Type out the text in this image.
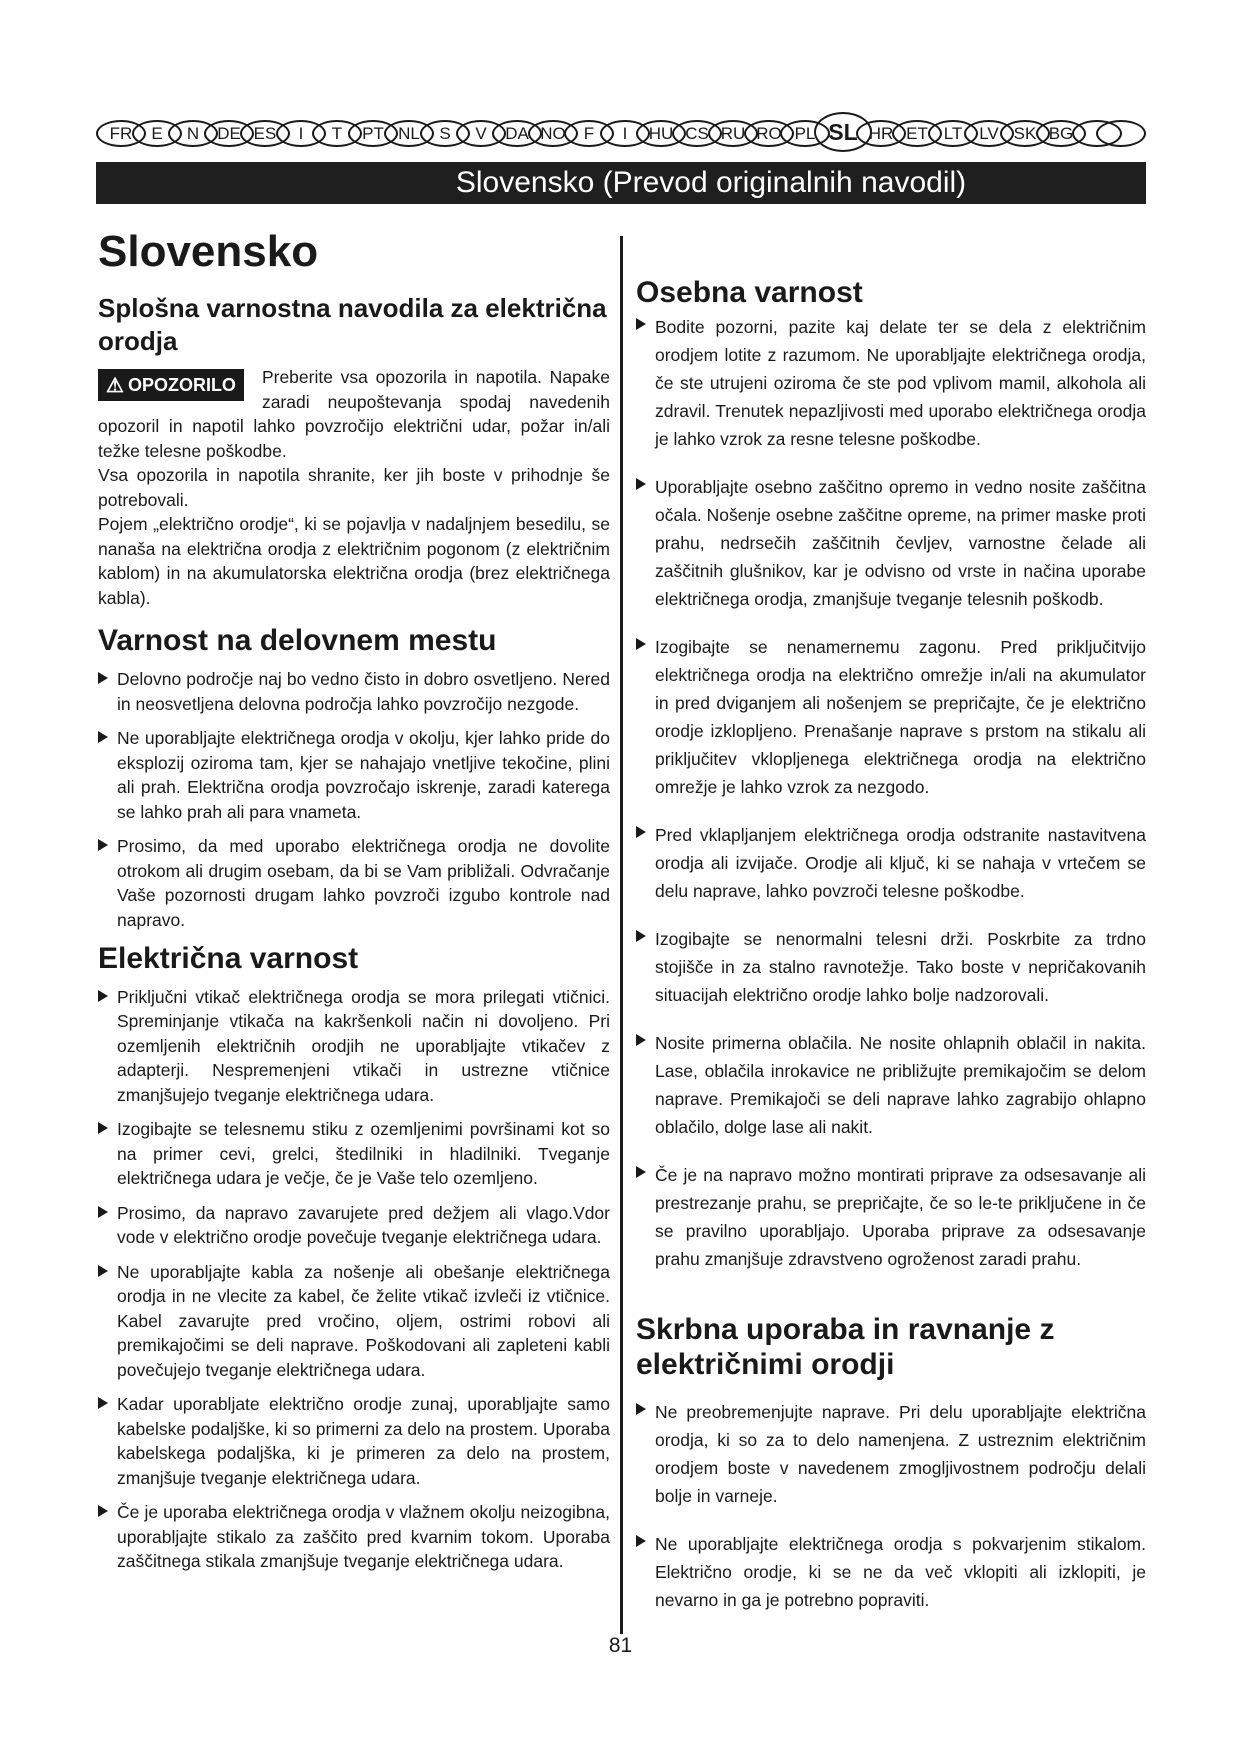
FR	E	N	DE ES	I	T	PT NL	S	V	DA NO	F	I	HU CS RU RO PL SL HR ET LT LV SK BG
Slovensko (Prevod originalnih navodil)
Slovensko
Splošna varnostna navodila za električna orodja
⚠ OPOZORILO	Preberite vsa opozorila in napotila. Napake zaradi neupoštevanja spodaj navedenih opozoril in napotil lahko povzročijo električni udar, požar in/ali težke telesne poškodbe.

Vsa opozorila in napotila shranite, ker jih boste v prihodnje še potrebovali.

Pojem „električno orodje“, ki se pojavlja v nadaljnjem besedilu, se nanaša na električna orodja z električnim pogonom (z električnim kablom) in na akumulatorska električna orodja (brez električnega kabla).

Varnost na delovnem mestu

Delovno področje naj bo vedno čisto in dobro osvetljeno. Nered in neosvetljena delovna področja lahko povzročijo nezgode.

Ne uporabljajte električnega orodja v okolju, kjer lahko pride do eksplozij oziroma tam, kjer se nahajajo vnetljive tekočine, plini ali prah. Električna orodja povzročajo iskrenje, zaradi katerega se lahko prah ali para vnameta.

Prosimo, da med uporabo električnega orodja ne dovolite otrokom ali drugim osebam, da bi se Vam približali. Odvračanje Vaše pozornosti drugam lahko povzroči izgubo kontrole nad napravo.

Električna varnost

Priključni vtikač električnega orodja se mora prilegati vtičnici. Spreminjanje vtikača na kakršenkoli način ni dovoljeno. Pri ozemljenih električnih orodjih ne uporabljajte vtikačev z adapterji. Nespremenjeni vtikači in ustrezne vtičnice zmanjšujejo tveganje električnega udara.

Izogibajte se telesnemu stiku z ozemljenimi površinami kot so na primer cevi, grelci, štedilniki in hladilniki. Tveganje električnega udara je večje, če je Vaše telo ozemljeno.

Prosimo, da napravo zavarujete pred dežjem ali vlago.Vdor vode v električno orodje povečuje tveganje električnega udara.

Ne uporabljajte kabla za nošenje ali obešanje električnega orodja in ne vlecite za kabel, če želite vtikač izvleči iz vtičnice. Kabel zavarujte pred vročino, oljem, ostrimi robovi ali premikajočimi se deli naprave. Poškodovani ali zapleteni kabli povečujejo tveganje električnega udara.

Kadar uporabljate električno orodje zunaj, uporabljajte samo kabelske podaljške, ki so primerni za delo na prostem. Uporaba kabelskega podaljška, ki je primeren za delo na prostem, zmanjšuje tveganje električnega udara.

Če je uporaba električnega orodja v vlažnem okolju neizogibna, uporabljajte stikalo za zaščito pred kvarnim tokom. Uporaba zaščitnega stikala zmanjšuje tveganje električnega udara.

Osebna varnost

Bodite pozorni, pazite kaj delate ter se dela z električnim orodjem lotite z razumom. Ne uporabljajte električnega orodja, če ste utrujeni oziroma če ste pod vplivom mamil, alkohola ali zdravil. Trenutek nepazljivosti med uporabo električnega orodja je lahko vzrok za resne telesne poškodbe.

Uporabljajte osebno zaščitno opremo in vedno nosite zaščitna očala. Nošenje osebne zaščitne opreme, na primer maske proti prahu, nedrsečih zaščitnih čevljev, varnostne čelade ali zaščitnih glušnikov, kar je odvisno od vrste in načina uporabe električnega orodja, zmanjšuje tveganje telesnih poškodb.

Izogibajte se nenamernemu zagonu. Pred priključitvijo električnega orodja na električno omrežje in/ali na akumulator in pred dviganjem ali nošenjem se prepričajte, če je električno orodje izklopljeno. Prenašanje naprave s prstom na stikalu ali priključitev vklopljenega električnega orodja na električno omrežje je lahko vzrok za nezgodo.

Pred vklapljanjem električnega orodja odstranite nastavitvena orodja ali izvijače. Orodje ali ključ, ki se nahaja v vrtečem se delu naprave, lahko povzroči telesne poškodbe.

Izogibajte se nenormalni telesni drži. Poskrbite za trdno stojišče in za stalno ravnotežje. Tako boste v nepričakovanih situacijah električno orodje lahko bolje nadzorovali.

Nosite primerna oblačila. Ne nosite ohlapnih oblačil in nakita. Lase, oblačila inrokavice ne približujte premikajočim se delom naprave. Premikajoči se deli naprave lahko zagrabijo ohlapno oblačilo, dolge lase ali nakit.

Če je na napravo možno montirati priprave za odsesavanje ali prestrezanje prahu, se prepričajte, če so le-te priključene in če se pravilno uporabljajo. Uporaba priprave za odsesavanje prahu zmanjšuje zdravstveno ogroženost zaradi prahu.

Skrbna uporaba in ravnanje z električnimi orodji

Ne preobremenjujte naprave. Pri delu uporabljajte električna orodja, ki so za to delo namenjena. Z ustreznim električnim orodjem boste v navedenem zmogljivostnem področju delali bolje in varneje.

Ne uporabljajte električnega orodja s pokvarjenim stikalom. Električno orodje, ki se ne da več vklopiti ali izklopiti, je nevarno in ga je potrebno popraviti.

81
